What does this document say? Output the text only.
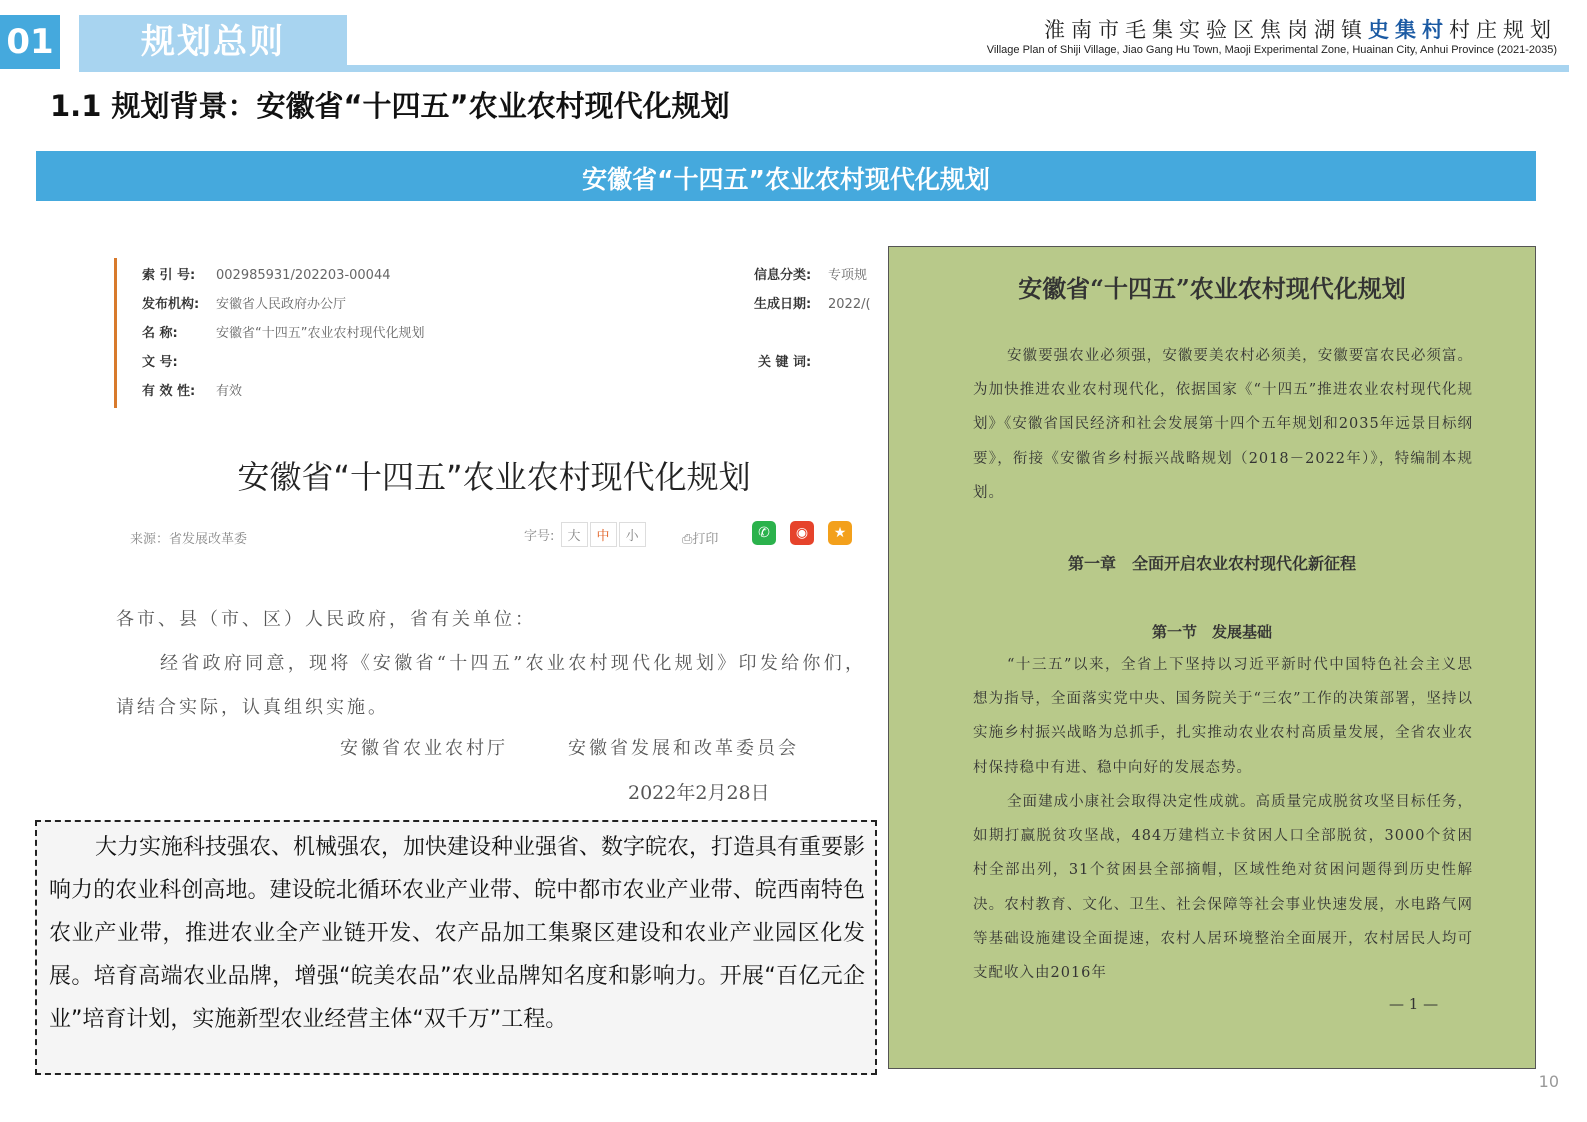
01	规划总则	淮南市毛集实验区焦岗湖镇史集村村庄规划
Village Plan of Shiji Village, Jiao Gang Hu Town, Maoji Experimental Zone, Huainan City, Anhui Province (2021-2035)
1.1 规划背景：安徽省“十四五”农业农村现代化规划
安徽省“十四五”农业农村现代化规划
索 引 号: 002985931/202203-00044
发布机构: 安徽省人民政府办公厅
名 称:	安徽省“十四五”农业农村现代化规划
文 号:
有 效 性: 有效
信息分类: 专项规
生成日期: 2022/(
关 键 词:
安徽省“十四五”农业农村现代化规划
来源：省发展改革委	字号: 大 中 小	⎙打印	✆	◉	★
各市、县（市、区）人民政府，省有关单位：
经省政府同意，现将《安徽省“十四五”农业农村现代化规划》印发给你们，请结合实际，认真组织实施。
安徽省农业农村厅	安徽省发展和改革委员会
2022年2月28日

大力实施科技强农、机械强农，加快建设种业强省、数字皖农，打造具有重要影响力的农业科创高地。建设皖北循环农业产业带、皖中都市农业产业带、皖西南特色农业产业带，推进农业全产业链开发、农产品加工集聚区建设和农业产业园区化发展。培育高端农业品牌，增强“皖美农品”农业品牌知名度和影响力。开展“百亿元企业”培育计划，实施新型农业经营主体“双千万”工程。

安徽省“十四五”农业农村现代化规划
安徽要强农业必须强，安徽要美农村必须美，安徽要富农民必须富。为加快推进农业农村现代化，依据国家《“十四五”推进农业农村现代化规划》《安徽省国民经济和社会发展第十四个五年规划和2035年远景目标纲要》，衔接《安徽省乡村振兴战略规划（2018－2022年）》，特编制本规划。
第一章　全面开启农业农村现代化新征程
第一节　发展基础
“十三五”以来，全省上下坚持以习近平新时代中国特色社会主义思想为指导，全面落实党中央、国务院关于“三农”工作的决策部署，坚持以实施乡村振兴战略为总抓手，扎实推动农业农村高质量发展，全省农业农村保持稳中有进、稳中向好的发展态势。
全面建成小康社会取得决定性成就。高质量完成脱贫攻坚目标任务，如期打赢脱贫攻坚战，484万建档立卡贫困人口全部脱贫，3000个贫困村全部出列，31个贫困县全部摘帽，区域性绝对贫困问题得到历史性解决。农村教育、文化、卫生、社会保障等社会事业快速发展，水电路气网等基础设施建设全面提速，农村人居环境整治全面展开，农村居民人均可支配收入由2016年
— 1 —
10
